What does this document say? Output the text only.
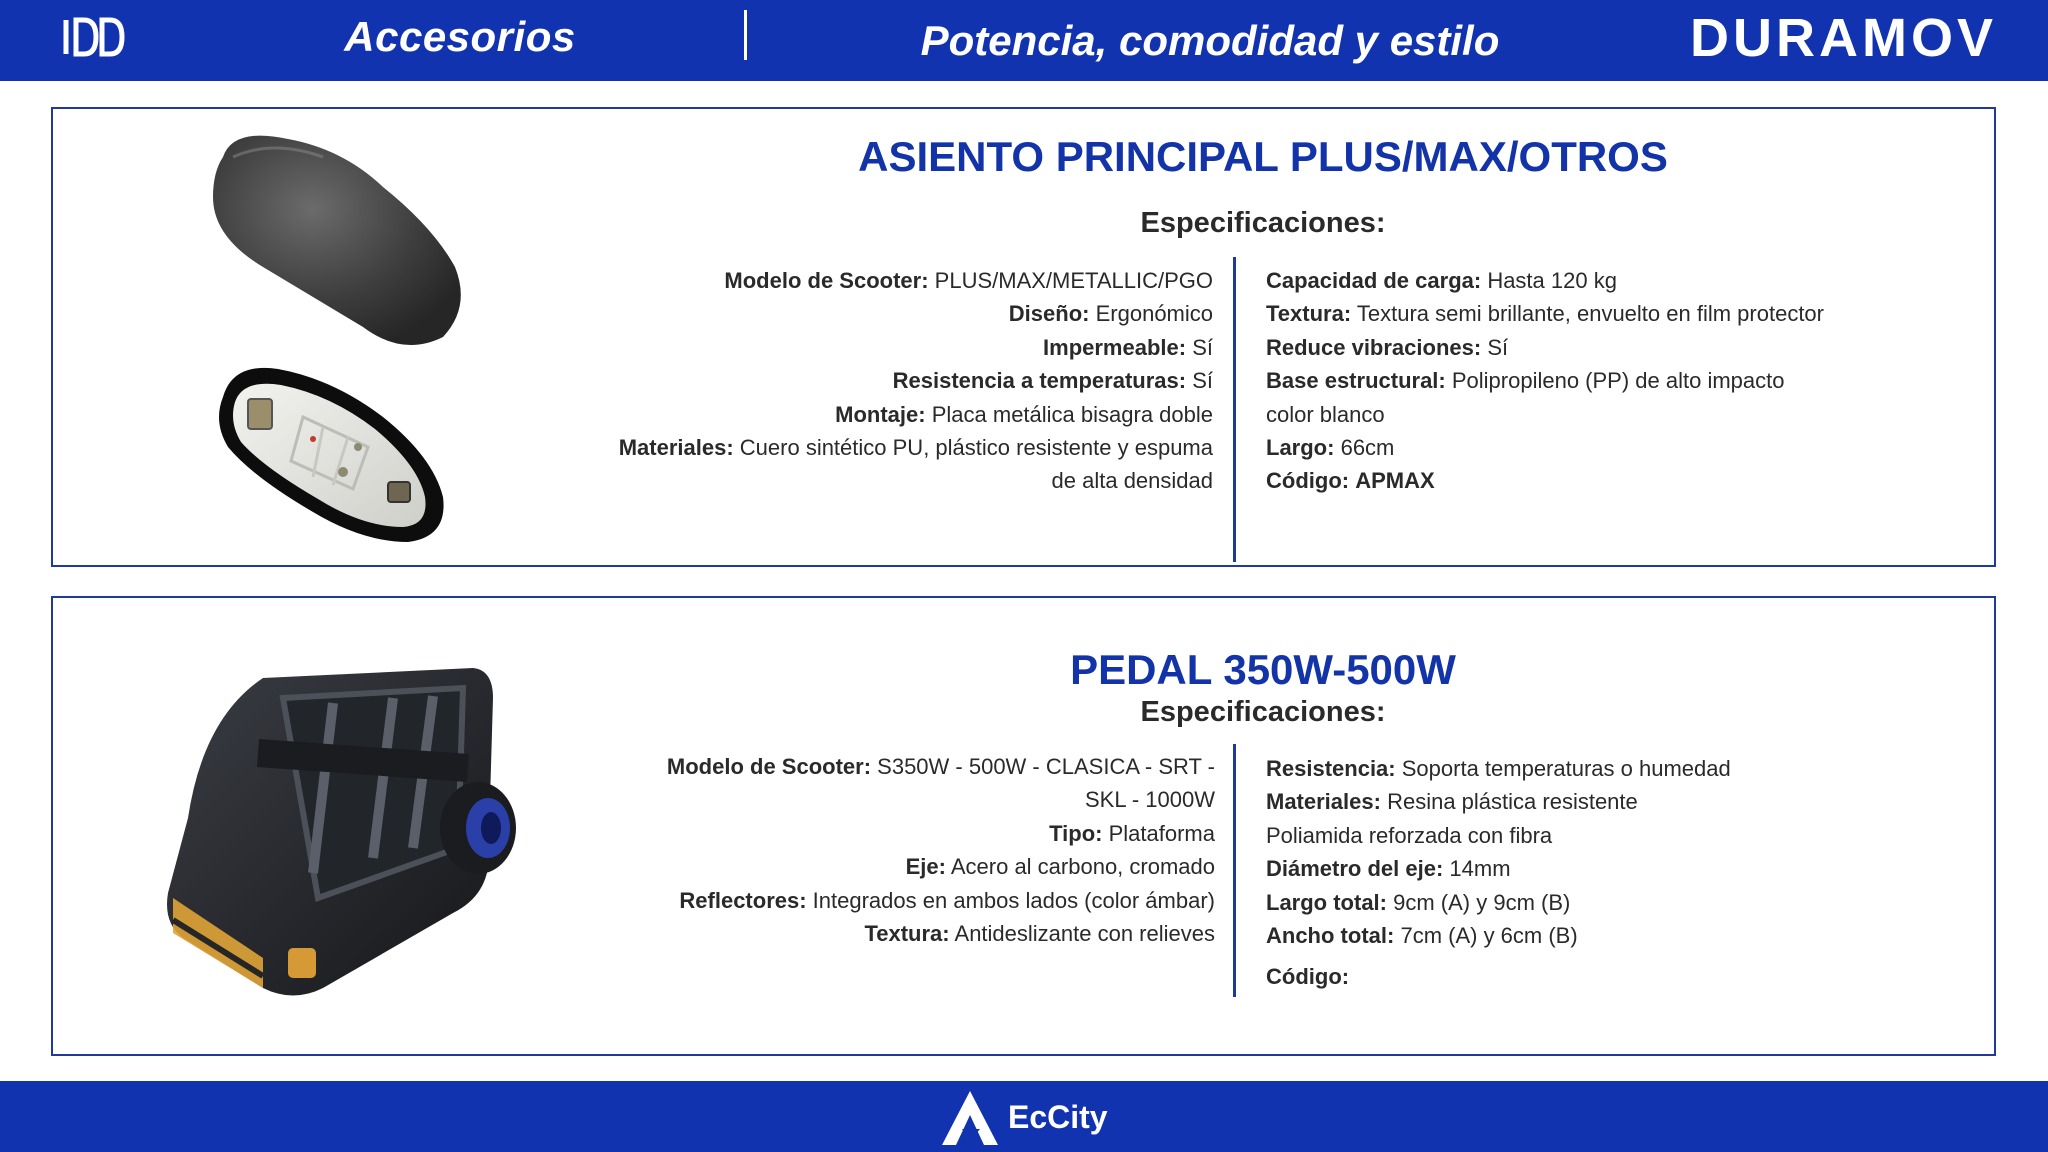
Accesorios	Potencia, comodidad y estilo	DURAMOV
ASIENTO PRINCIPAL PLUS/MAX/OTROS
Especificaciones:
Modelo de Scooter: PLUS/MAX/METALLIC/PGO
Diseño: Ergonómico
Impermeable: Sí
Resistencia a temperaturas: Sí
Montaje: Placa metálica bisagra doble
Materiales: Cuero sintético PU, plástico resistente y espuma
de alta densidad
Capacidad de carga: Hasta 120 kg
Textura: Textura semi brillante, envuelto en film protector
Reduce vibraciones: Sí
Base estructural: Polipropileno (PP) de alto impacto
color blanco
Largo: 66cm
Código: APMAX
PEDAL 350W-500W
Especificaciones:
Modelo de Scooter: S350W - 500W - CLASICA - SRT -
SKL - 1000W
Tipo: Plataforma
Eje: Acero al carbono, cromado
Reflectores: Integrados en ambos lados (color ámbar)
Textura: Antideslizante con relieves
Resistencia: Soporta temperaturas o humedad
Materiales: Resina plástica resistente
Poliamida reforzada con fibra
Diámetro del eje: 14mm
Largo total: 9cm (A) y 9cm (B)
Ancho total: 7cm (A) y 6cm (B)
Código:
EcCity
